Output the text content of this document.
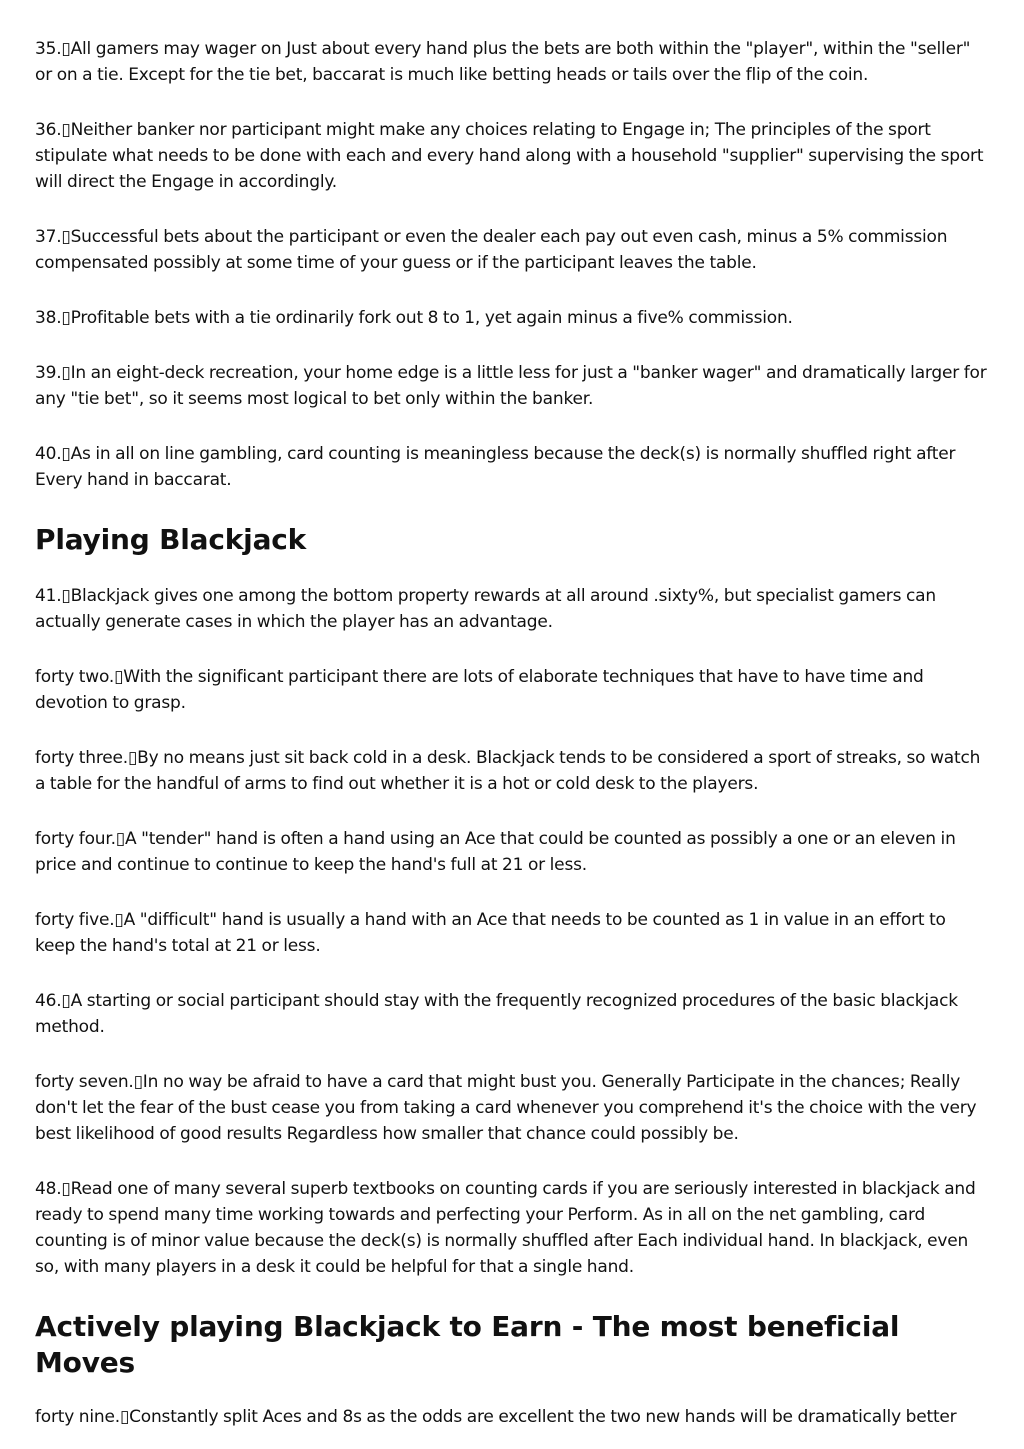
35.▯All gamers may wager on Just about every hand plus the bets are both within the "player", within the "seller" or on a tie. Except for the tie bet, baccarat is much like betting heads or tails over the flip of the coin.

36.▯Neither banker nor participant might make any choices relating to Engage in; The principles of the sport stipulate what needs to be done with each and every hand along with a household "supplier" supervising the sport will direct the Engage in accordingly.

37.▯Successful bets about the participant or even the dealer each pay out even cash, minus a 5% commission compensated possibly at some time of your guess or if the participant leaves the table.

38.▯Profitable bets with a tie ordinarily fork out 8 to 1, yet again minus a five% commission.

39.▯In an eight-deck recreation, your home edge is a little less for just a "banker wager" and dramatically larger for any "tie bet", so it seems most logical to bet only within the banker.

40.▯As in all on line gambling, card counting is meaningless because the deck(s) is normally shuffled right after Every hand in baccarat.

Playing Blackjack

41.▯Blackjack gives one among the bottom property rewards at all around .sixty%, but specialist gamers can actually generate cases in which the player has an advantage.

forty two.▯With the significant participant there are lots of elaborate techniques that have to have time and devotion to grasp.

forty three.▯By no means just sit back cold in a desk. Blackjack tends to be considered a sport of streaks, so watch a table for the handful of arms to find out whether it is a hot or cold desk to the players.

forty four.▯A "tender" hand is often a hand using an Ace that could be counted as possibly a one or an eleven in price and continue to continue to keep the hand's full at 21 or less.

forty five.▯A "difficult" hand is usually a hand with an Ace that needs to be counted as 1 in value in an effort to keep the hand's total at 21 or less.

46.▯A starting or social participant should stay with the frequently recognized procedures of the basic blackjack method.

forty seven.▯In no way be afraid to have a card that might bust you. Generally Participate in the chances; Really don't let the fear of the bust cease you from taking a card whenever you comprehend it's the choice with the very best likelihood of good results Regardless how smaller that chance could possibly be.

48.▯Read one of many several superb textbooks on counting cards if you are seriously interested in blackjack and ready to spend many time working towards and perfecting your Perform. As in all on the net gambling, card counting is of minor value because the deck(s) is normally shuffled after Each individual hand. In blackjack, even so, with many players in a desk it could be helpful for that a single hand.

Actively playing Blackjack to Earn - The most beneficial Moves

forty nine.▯Constantly split Aces and 8s as the odds are excellent the two new hands will be dramatically better
